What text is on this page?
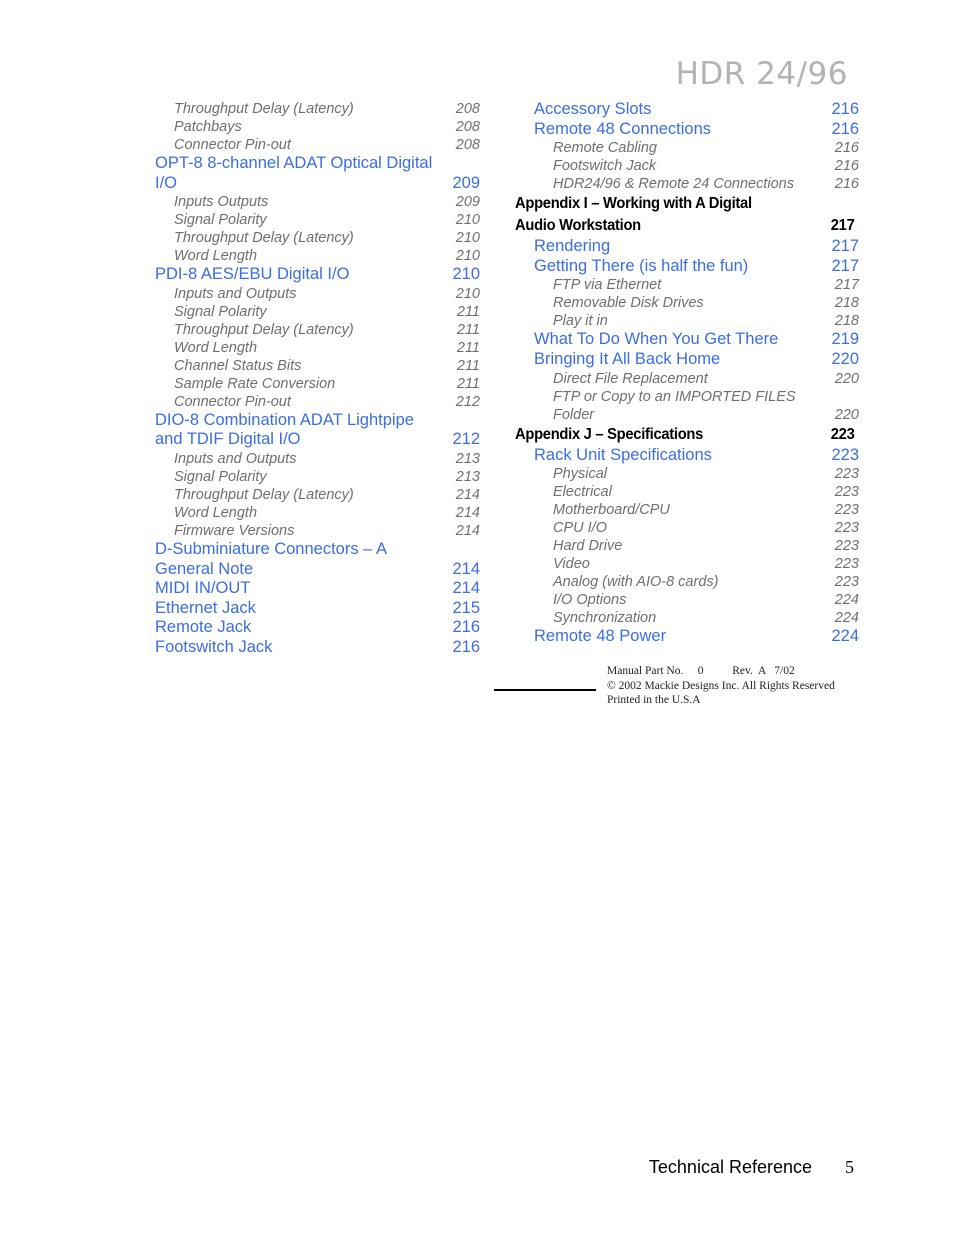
HDR 24/96
Throughput Delay (Latency)	208
Patchbays	208
Connector Pin-out	208
OPT-8 8-channel ADAT Optical Digital I/O	209
Inputs Outputs	209
Signal Polarity	210
Throughput Delay (Latency)	210
Word Length	210
PDI-8 AES/EBU Digital I/O	210
Inputs and Outputs	210
Signal Polarity	211
Throughput Delay (Latency)	211
Word Length	211
Channel Status Bits	211
Sample Rate Conversion	211
Connector Pin-out	212
DIO-8 Combination ADAT Lightpipe and TDIF Digital I/O	212
Inputs and Outputs	213
Signal Polarity	213
Throughput Delay (Latency)	214
Word Length	214
Firmware Versions	214
D-Subminiature Connectors – A General Note	214
MIDI IN/OUT	214
Ethernet Jack	215
Remote Jack	216
Footswitch Jack	216
Accessory Slots	216
Remote 48 Connections	216
Remote Cabling	216
Footswitch Jack	216
HDR24/96 & Remote 24 Connections	216
Appendix I – Working with A Digital Audio Workstation	217
Rendering	217
Getting There (is half the fun)	217
FTP via Ethernet	217
Removable Disk Drives	218
Play it in	218
What To Do When You Get There	219
Bringing It All Back Home	220
Direct File Replacement	220
FTP or Copy to an IMPORTED FILES Folder	220
Appendix J – Specifications	223
Rack Unit Specifications	223
Physical	223
Electrical	223
Motherboard/CPU	223
CPU I/O	223
Hard Drive	223
Video	223
Analog (with AIO-8 cards)	223
I/O Options	224
Synchronization	224
Remote 48 Power	224
Manual Part No.     0          Rev.  A   7/02
© 2002 Mackie Designs Inc. All Rights Reserved
Printed in the U.S.A
Technical Reference 5
